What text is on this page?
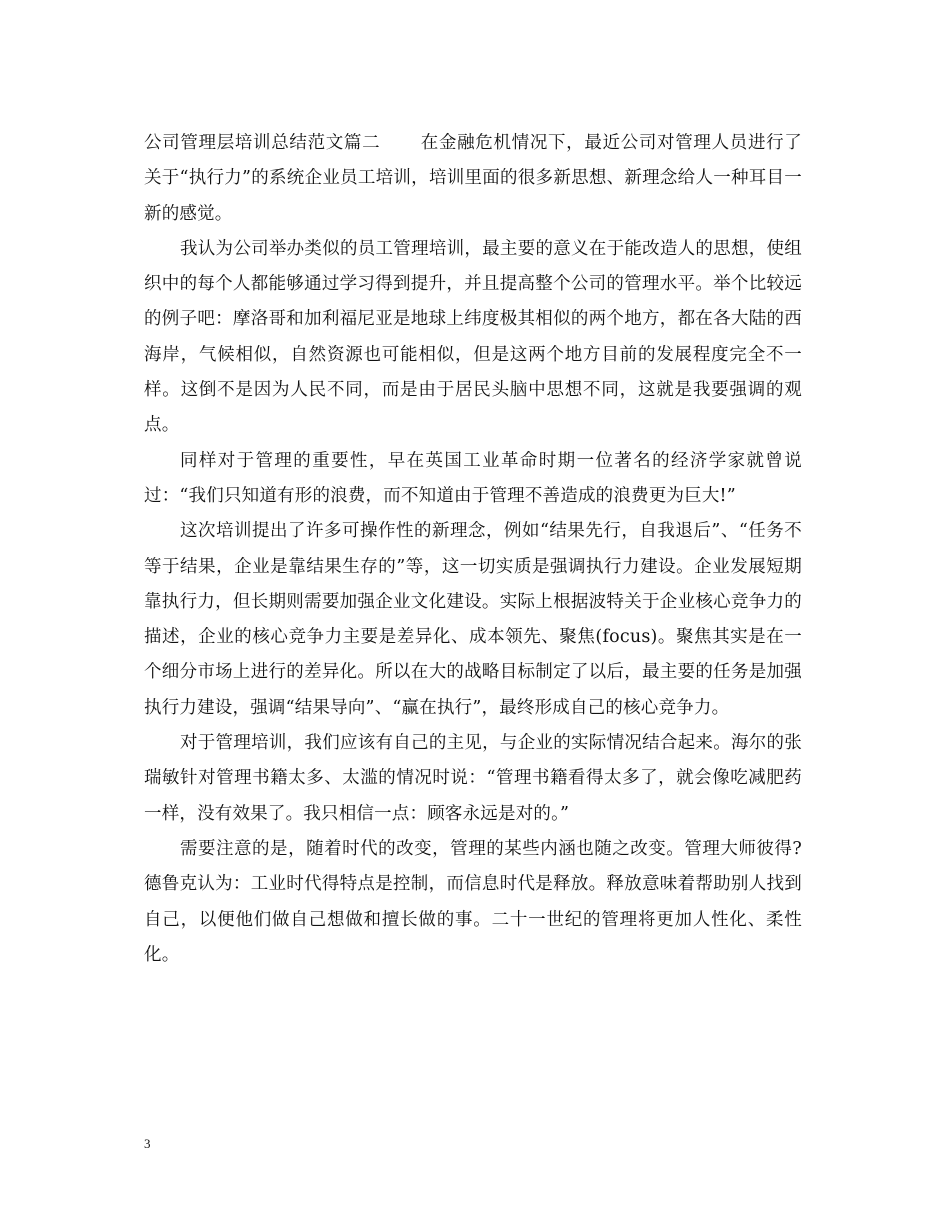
公司管理层培训总结范文篇二 在金融危机情况下，最近公司对管理人员进行了关于“执行力”的系统企业员工培训，培训里面的很多新思想、新理念给人一种耳目一新的感觉。

我认为公司举办类似的员工管理培训，最主要的意义在于能改造人的思想，使组织中的每个人都能够通过学习得到提升，并且提高整个公司的管理水平。举个比较远的例子吧：摩洛哥和加利福尼亚是地球上纬度极其相似的两个地方，都在各大陆的西海岸，气候相似，自然资源也可能相似，但是这两个地方目前的发展程度完全不一样。这倒不是因为人民不同，而是由于居民头脑中思想不同，这就是我要强调的观点。

同样对于管理的重要性，早在英国工业革命时期一位著名的经济学家就曾说过：“我们只知道有形的浪费，而不知道由于管理不善造成的浪费更为巨大!”

这次培训提出了许多可操作性的新理念，例如“结果先行，自我退后”、“任务不等于结果，企业是靠结果生存的”等，这一切实质是强调执行力建设。企业发展短期靠执行力，但长期则需要加强企业文化建设。实际上根据波特关于企业核心竞争力的描述，企业的核心竞争力主要是差异化、成本领先、聚焦(focus)。聚焦其实是在一个细分市场上进行的差异化。所以在大的战略目标制定了以后，最主要的任务是加强执行力建设，强调“结果导向”、“赢在执行”，最终形成自己的核心竞争力。

对于管理培训，我们应该有自己的主见，与企业的实际情况结合起来。海尔的张瑞敏针对管理书籍太多、太滥的情况时说：“管理书籍看得太多了，就会像吃减肥药一样，没有效果了。我只相信一点：顾客永远是对的。”

需要注意的是，随着时代的改变，管理的某些内涵也随之改变。管理大师彼得?德鲁克认为：工业时代得特点是控制，而信息时代是释放。释放意味着帮助别人找到自己，以便他们做自己想做和擅长做的事。二十一世纪的管理将更加人性化、柔性化。

3
